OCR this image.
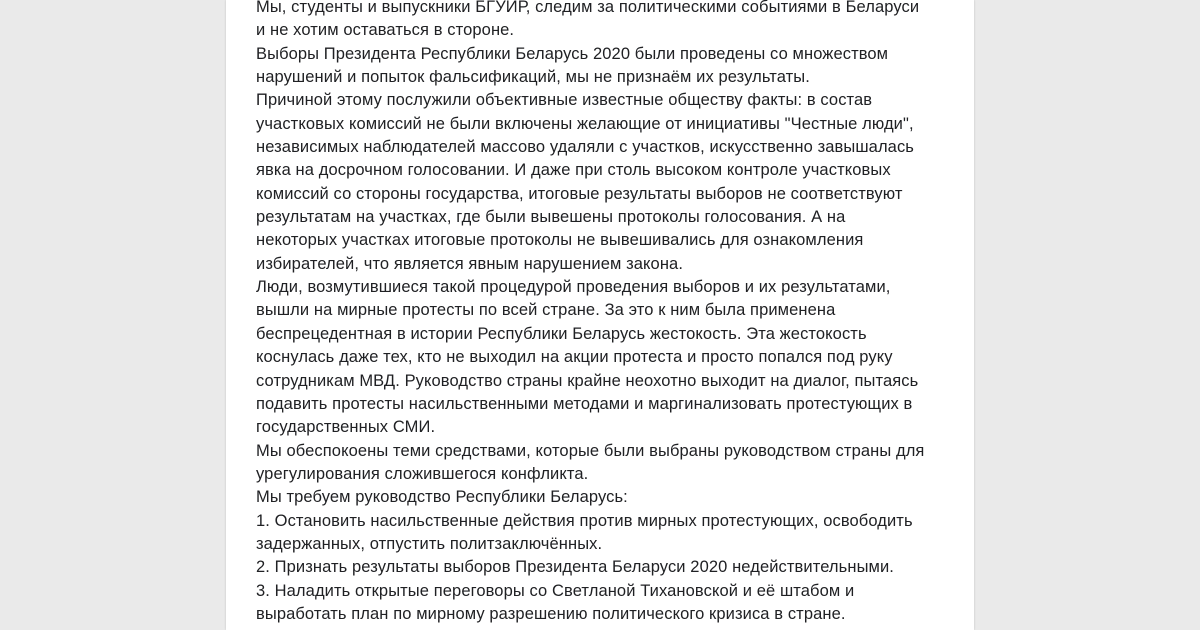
Мы, студенты и выпускники БГУИР, следим за политическими событиями в Беларуси
и не хотим оставаться в стороне.
Выборы Президента Республики Беларусь 2020 были проведены со множеством
нарушений и попыток фальсификаций, мы не признаём их результаты.
Причиной этому послужили объективные известные обществу факты: в состав
участковых комиссий не были включены желающие от инициативы "Честные люди",
независимых наблюдателей массово удаляли с участков, искусственно завышалась
явка на досрочном голосовании. И даже при столь высоком контроле участковых
комиссий со стороны государства, итоговые результаты выборов не соответствуют
результатам на участках, где были вывешены протоколы голосования. А на
некоторых участках итоговые протоколы не вывешивались для ознакомления
избирателей, что является явным нарушением закона.
Люди, возмутившиеся такой процедурой проведения выборов и их результатами,
вышли на мирные протесты по всей стране. За это к ним была применена
беспрецедентная в истории Республики Беларусь жестокость. Эта жестокость
коснулась даже тех, кто не выходил на акции протеста и просто попался под руку
сотрудникам МВД. Руководство страны крайне неохотно выходит на диалог, пытаясь
подавить протесты насильственными методами и маргинализовать протестующих в
государственных СМИ.
Мы обеспокоены теми средствами, которые были выбраны руководством страны для
урегулирования сложившегося конфликта.
Мы требуем руководство Республики Беларусь:
1. Остановить насильственные действия против мирных протестующих, освободить
задержанных, отпустить политзаключённых.
2. Признать результаты выборов Президента Беларуси 2020 недействительными.
3. Наладить открытые переговоры со Светланой Тихановской и её штабом и
выработать план по мирному разрешению политического кризиса в стране.
